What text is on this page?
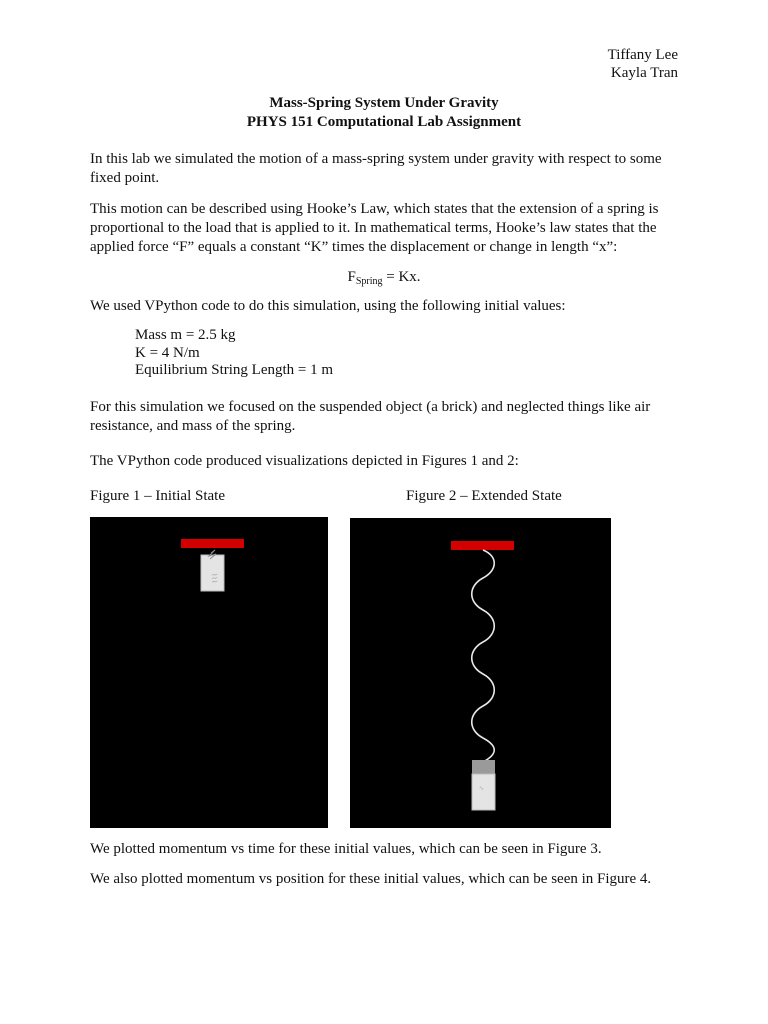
Tiffany Lee
Kayla Tran
Mass-Spring System Under Gravity
PHYS 151 Computational Lab Assignment

In this lab we simulated the motion of a mass-spring system under gravity with respect to some fixed point.

This motion can be described using Hooke’s Law, which states that the extension of a spring is proportional to the load that is applied to it. In mathematical terms, Hooke’s law states that the applied force “F” equals a constant “K” times the displacement or change in length “x”:

$F_{Spring} = Kx$.

We used VPython code to do this simulation, using the following initial values:

Mass m = 2.5 kg
K = 4 N/m
Equilibrium String Length = 1 m

For this simulation we focused on the suspended object (a brick) and neglected things like air resistance, and mass of the spring.

The VPython code produced visualizations depicted in Figures 1 and 2:

Figure 1 – Initial State	Figure 2 – Extended State
⌇⌇⌇
∿

We plotted momentum vs time for these initial values, which can be seen in Figure 3.

We also plotted momentum vs position for these initial values, which can be seen in Figure 4.
